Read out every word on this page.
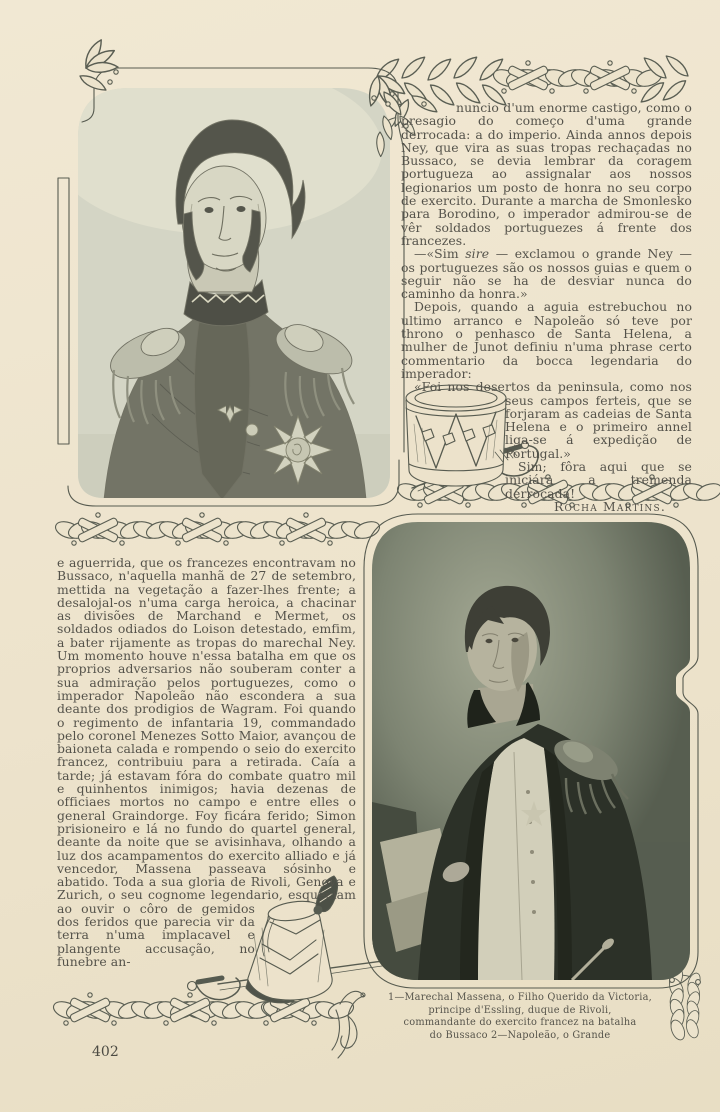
nuncio d'um enorme castigo, como o presagio do começo d'uma grande derrocada: a do imperio. Ainda annos depois Ney, que vira as suas tropas rechaçadas no Bussaco, se devia lembrar da coragem portugueza ao assignalar aos nossos legionarios um posto de honra no seu corpo de exercito. Durante a marcha de Smonlesko para Borodino, o imperador admirou-se de vêr soldados portuguezes á frente dos francezes.
—«Sim sire — exclamou o grande Ney — os portuguezes são os nossos guias e quem o seguir não se ha de desviar nunca do caminho da honra.»
Depois, quando a aguia estrebuchou no ultimo arranco e Napoleão só teve por throno o penhasco de Santa Helena, a mulher de Junot definiu n'uma phrase certo commentario da bocca legendaria do imperador:
«Foi nos desertos da peninsula, como nos seus campos ferteis, que se forjaram as cadeias de Santa Helena e o primeiro annel liga-se á expedição de Portugal.»
Sim; fôra aqui que se iniciára a tremenda derrocada!
Rocha Martins.
e aguerrida, que os francezes encontravam no Bussaco, n'aquella manhã de 27 de setembro, mettida na vegetação a fazer-lhes frente; a desalojal-os n'uma carga heroica, a chacinar as divisões de Marchand e Mermet, os soldados odiados do Loison detestado, emfim, a bater rijamente as tropas do marechal Ney. Um momento houve n'essa batalha em que os proprios adversarios não souberam conter a sua admiração pelos portuguezes, como o imperador Napoleão não escondera a sua deante dos prodigios de Wagram. Foi quando o regimento de infantaria 19, commandado pelo coronel Menezes Sotto Maior, avançou de baioneta calada e rompendo o seio do exercito francez, contribuiu para a retirada. Caía a tarde; já estavam fóra do combate quatro mil e quinhentos inimigos; havia dezenas de officiaes mortos no campo e entre elles o general Graindorge. Foy ficára ferido; Simon prisioneiro e lá no fundo do quartel general, deante da noite que se avisinhava, olhando a luz dos acampamentos do exercito alliado e já vencedor, Massena passeava sósinho e abatido. Toda a sua gloria de Rivoli, Genova e Zurich, o seu cognome legendario, esqueciam ao ouvir o côro de gemidos dos feridos que parecia vir da terra n'uma implacavel e plangente accusação, no funebre an-
1—Marechal Massena, o Filho Querido da Victoria,
principe d'Essling, duque de Rivoli,
commandante do exercito francez na batalha
do Bussaco 2—Napoleão, o Grande
402
